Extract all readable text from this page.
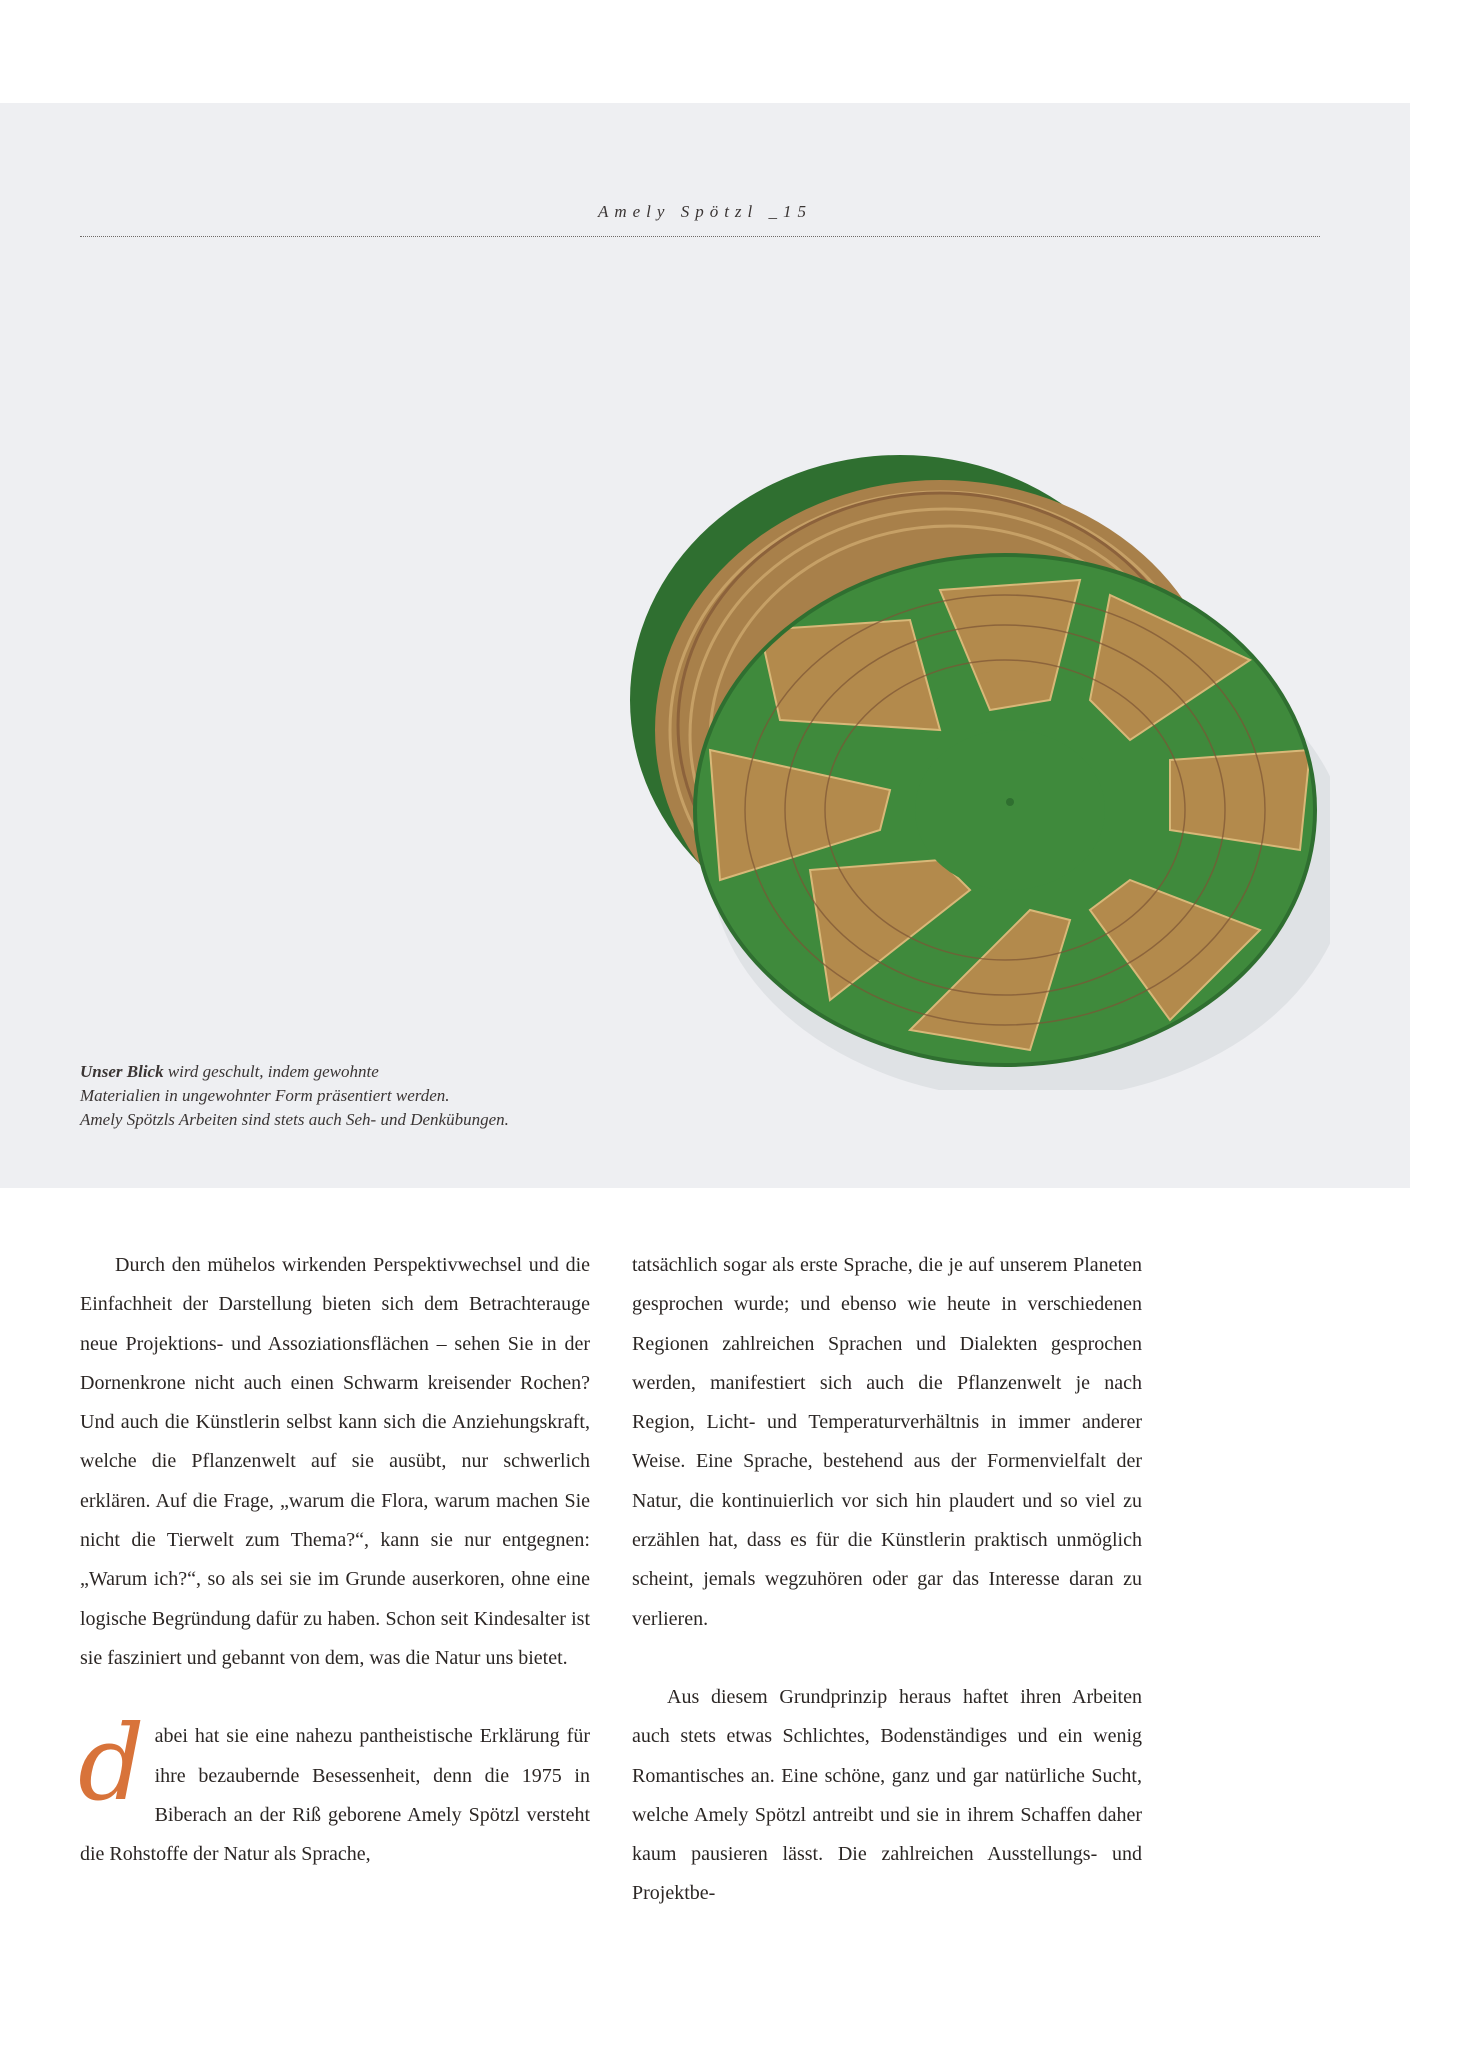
Amely Spötzl _15
Unser Blick wird geschult, indem gewohnte
Materialien in ungewohnter Form präsentiert werden.
Amely Spötzls Arbeiten sind stets auch Seh- und Denkübungen.

Durch den mühelos wirkenden Perspektivwechsel und die Einfachheit der Darstellung bieten sich dem Betrachterauge neue Projektions- und Assoziationsflächen – sehen Sie in der Dornenkrone nicht auch einen Schwarm kreisender Rochen? Und auch die Künstlerin selbst kann sich die Anziehungskraft, welche die Pflanzenwelt auf sie ausübt, nur schwerlich erklären. Auf die Frage, „warum die Flora, warum machen Sie nicht die Tierwelt zum Thema?“, kann sie nur entgegnen: „Warum ich?“, so als sei sie im Grunde auserkoren, ohne eine logische Begründung dafür zu haben. Schon seit Kindesalter ist sie fasziniert und gebannt von dem, was die Natur uns bietet.

dabei hat sie eine nahezu pantheistische Erklärung für ihre bezaubernde Besessenheit, denn die 1975 in Biberach an der Riß geborene Amely Spötzl versteht die Rohstoffe der Natur als Sprache,

tatsächlich sogar als erste Sprache, die je auf unserem Planeten gesprochen wurde; und ebenso wie heute in verschiedenen Regionen zahlreichen Sprachen und Dialekten gesprochen werden, manifestiert sich auch die Pflanzenwelt je nach Region, Licht- und Temperaturverhältnis in immer anderer Weise. Eine Sprache, bestehend aus der Formenvielfalt der Natur, die kontinuierlich vor sich hin plaudert und so viel zu erzählen hat, dass es für die Künstlerin praktisch unmöglich scheint, jemals wegzuhören oder gar das Interesse daran zu verlieren.

Aus diesem Grundprinzip heraus haftet ihren Arbeiten auch stets etwas Schlichtes, Bodenständiges und ein wenig Romantisches an. Eine schöne, ganz und gar natürliche Sucht, welche Amely Spötzl antreibt und sie in ihrem Schaffen daher kaum pausieren lässt. Die zahlreichen Ausstellungs- und Projektbe-
